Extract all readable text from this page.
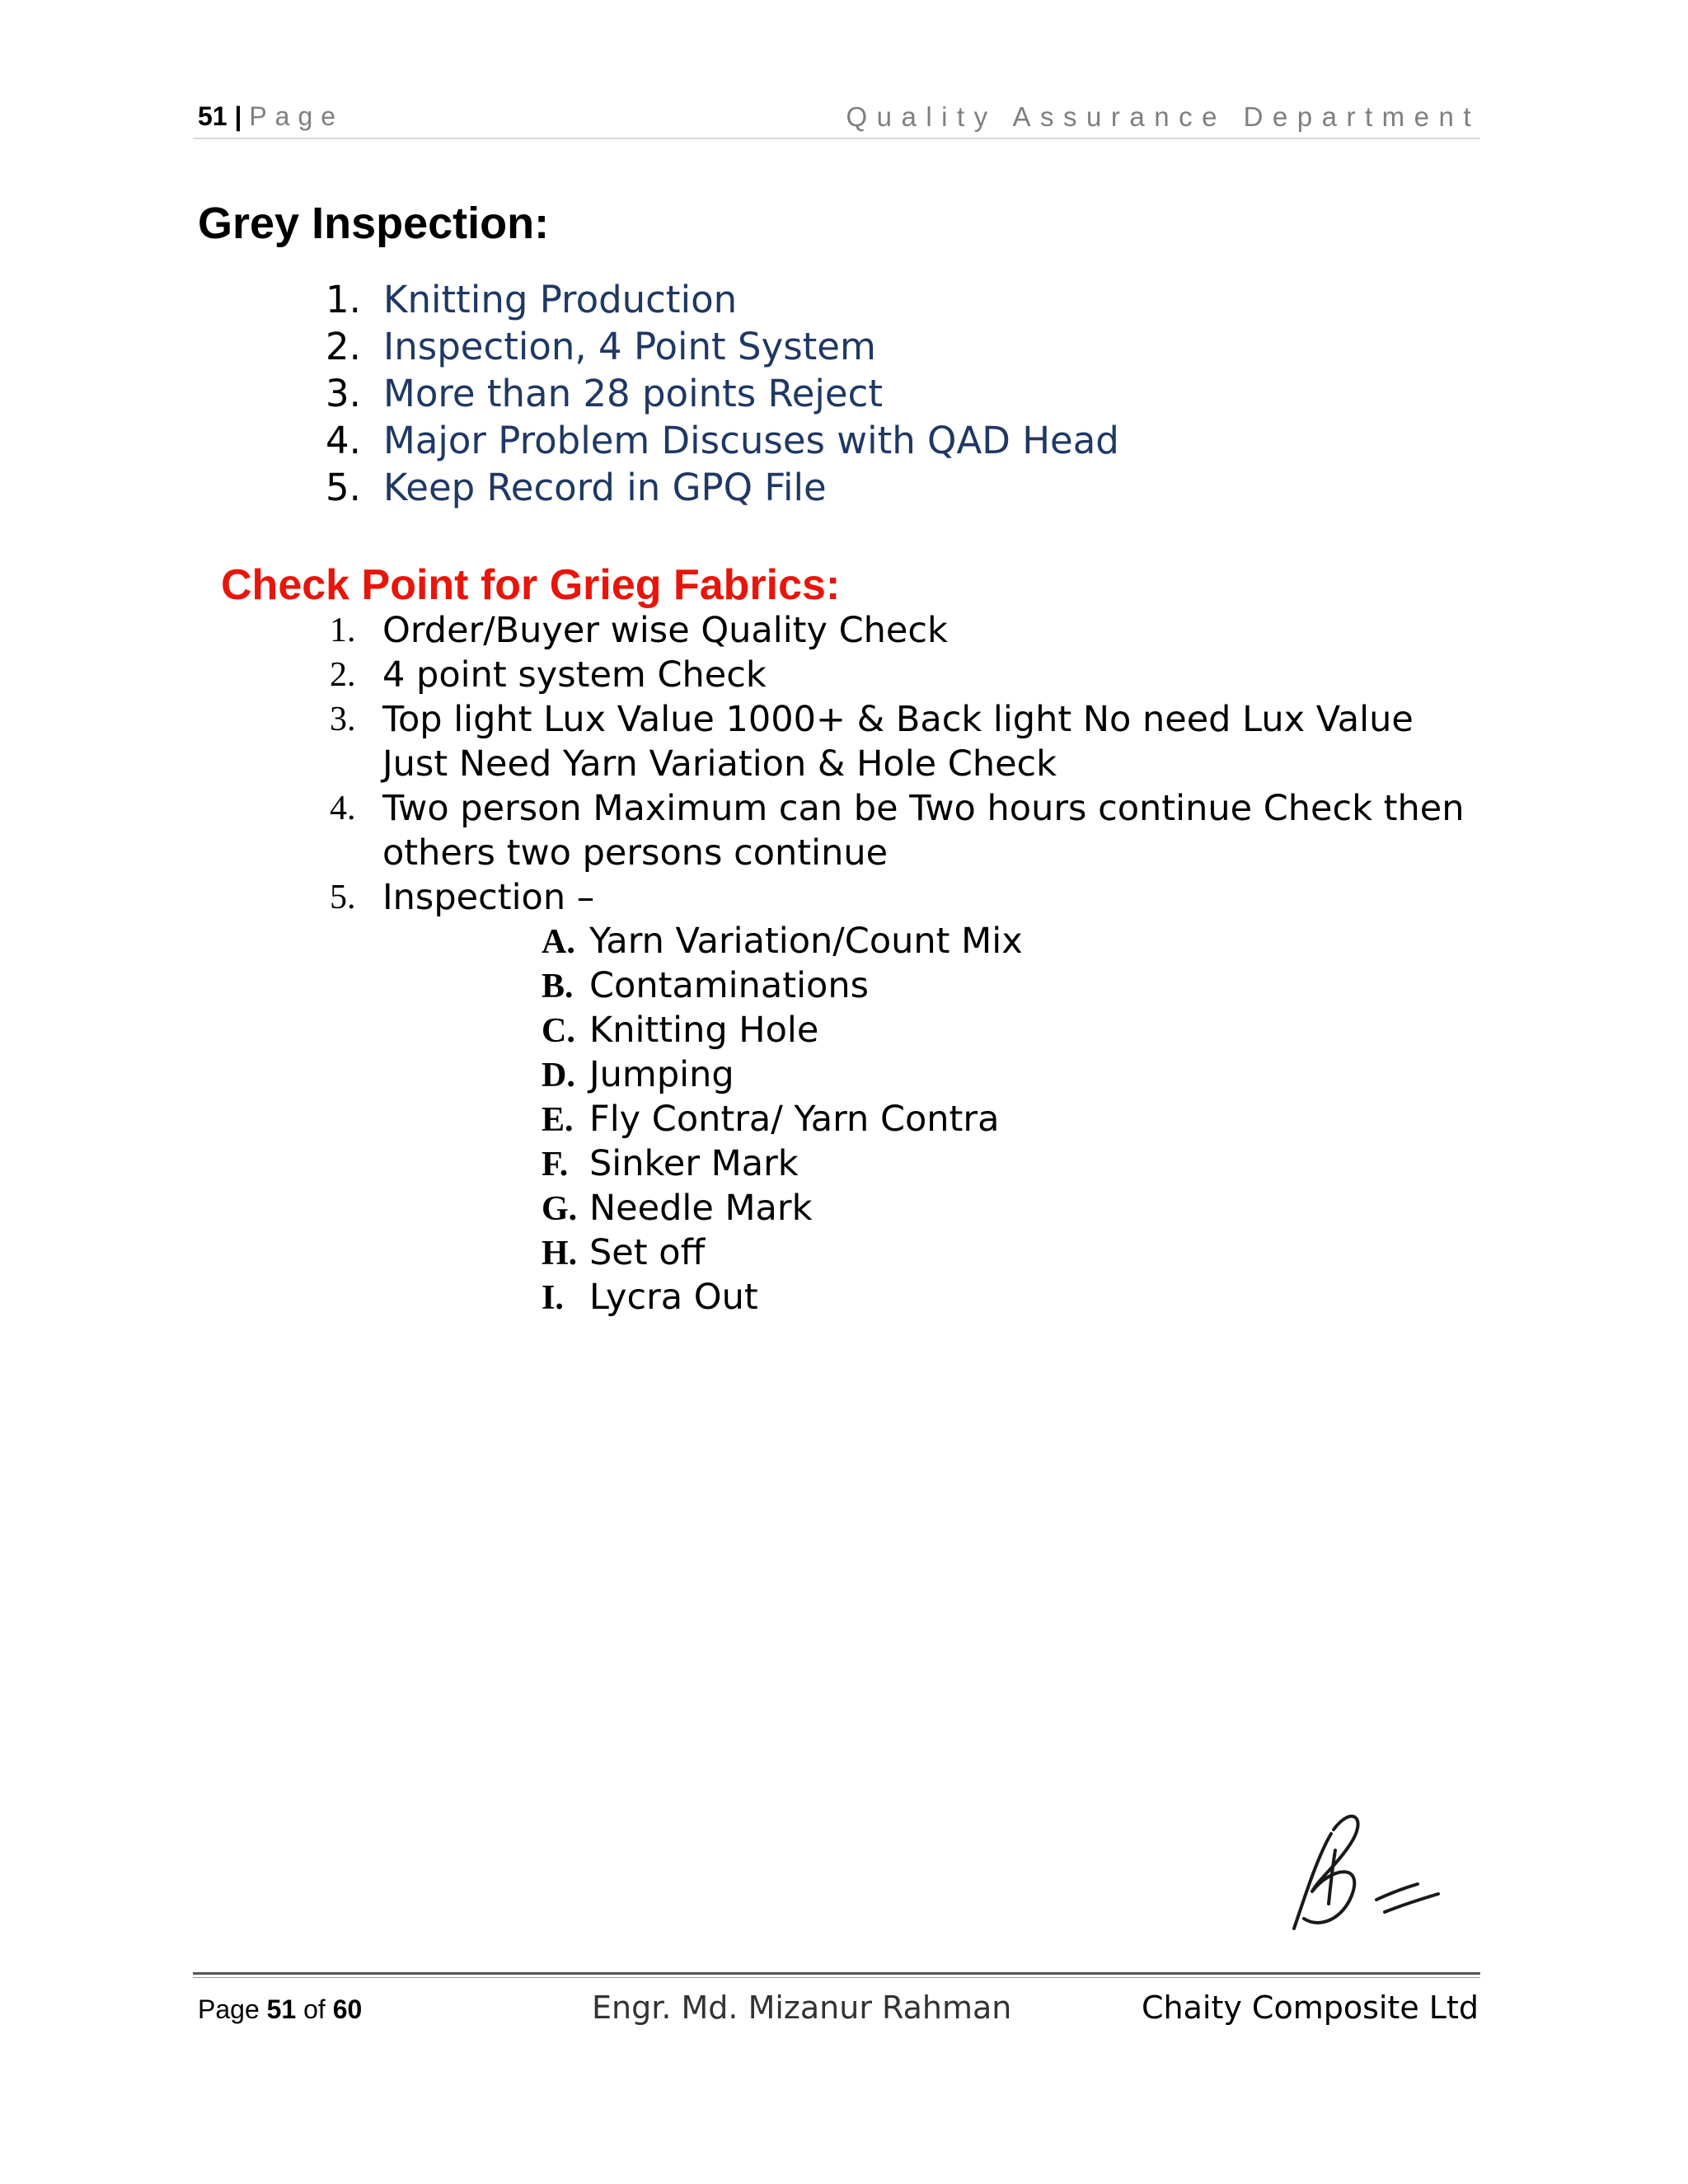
51 | Page	Quality Assurance Department
Grey Inspection:
1. Knitting Production
2. Inspection, 4 Point System
3. More than 28 points Reject
4. Major Problem Discuses with QAD Head
5. Keep Record in GPQ File
Check Point for Grieg Fabrics:
1. Order/Buyer wise Quality Check
2. 4 point system Check
3. Top light Lux Value 1000+ & Back light No need Lux Value Just Need Yarn Variation & Hole Check
4. Two person Maximum can be Two hours continue Check then others two persons continue
5. Inspection –
A. Yarn Variation/Count Mix
B. Contaminations
C. Knitting Hole
D. Jumping
E. Fly Contra/ Yarn Contra
F. Sinker Mark
G. Needle Mark
H. Set off
I. Lycra Out
Page 51 of 60	Engr. Md. Mizanur Rahman	Chaity Composite Ltd
